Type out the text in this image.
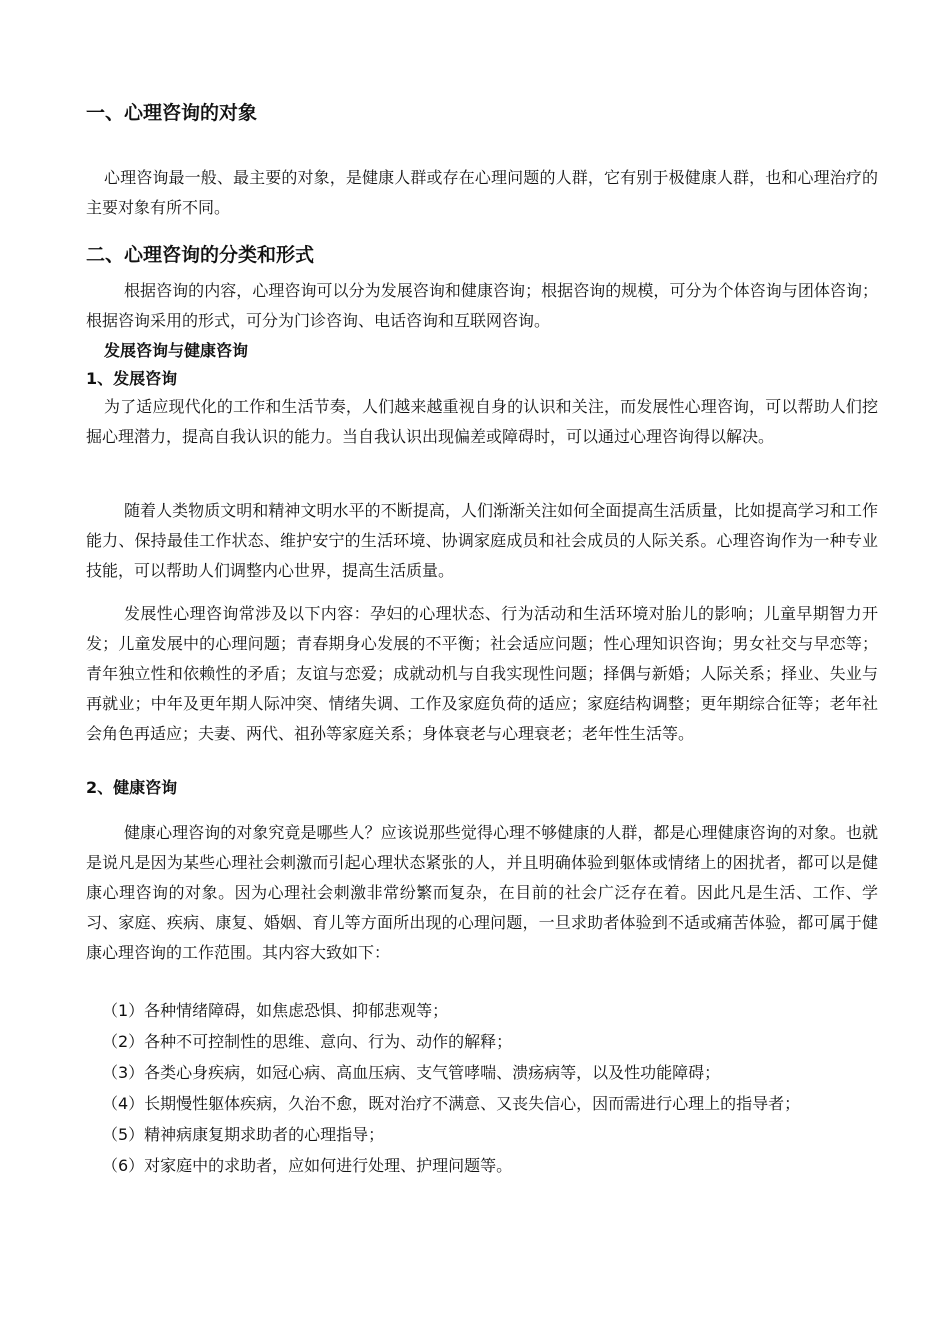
一、心理咨询的对象
心理咨询最一般、最主要的对象，是健康人群或存在心理问题的人群，它有别于极健康人群，也和心理治疗的主要对象有所不同。
二、心理咨询的分类和形式
根据咨询的内容，心理咨询可以分为发展咨询和健康咨询；根据咨询的规模，可分为个体咨询与团体咨询；根据咨询采用的形式，可分为门诊咨询、电话咨询和互联网咨询。
发展咨询与健康咨询
1、发展咨询
为了适应现代化的工作和生活节奏，人们越来越重视自身的认识和关注，而发展性心理咨询，可以帮助人们挖掘心理潜力，提高自我认识的能力。当自我认识出现偏差或障碍时，可以通过心理咨询得以解决。
随着人类物质文明和精神文明水平的不断提高，人们渐渐关注如何全面提高生活质量，比如提高学习和工作能力、保持最佳工作状态、维护安宁的生活环境、协调家庭成员和社会成员的人际关系。心理咨询作为一种专业技能，可以帮助人们调整内心世界，提高生活质量。
发展性心理咨询常涉及以下内容：孕妇的心理状态、行为活动和生活环境对胎儿的影响；儿童早期智力开发；儿童发展中的心理问题；青春期身心发展的不平衡；社会适应问题；性心理知识咨询；男女社交与早恋等；青年独立性和依赖性的矛盾；友谊与恋爱；成就动机与自我实现性问题；择偶与新婚；人际关系；择业、失业与再就业；中年及更年期人际冲突、情绪失调、工作及家庭负荷的适应；家庭结构调整；更年期综合征等；老年社会角色再适应；夫妻、两代、祖孙等家庭关系；身体衰老与心理衰老；老年性生活等。
2、健康咨询
健康心理咨询的对象究竟是哪些人？应该说那些觉得心理不够健康的人群，都是心理健康咨询的对象。也就是说凡是因为某些心理社会刺激而引起心理状态紧张的人，并且明确体验到躯体或情绪上的困扰者，都可以是健康心理咨询的对象。因为心理社会刺激非常纷繁而复杂，在目前的社会广泛存在着。因此凡是生活、工作、学习、家庭、疾病、康复、婚姻、育儿等方面所出现的心理问题，一旦求助者体验到不适或痛苦体验，都可属于健康心理咨询的工作范围。其内容大致如下：
（1）各种情绪障碍，如焦虑恐惧、抑郁悲观等；
（2）各种不可控制性的思维、意向、行为、动作的解释；
（3）各类心身疾病，如冠心病、高血压病、支气管哮喘、溃疡病等，以及性功能障碍；
（4）长期慢性躯体疾病，久治不愈，既对治疗不满意、又丧失信心，因而需进行心理上的指导者；
（5）精神病康复期求助者的心理指导；
（6）对家庭中的求助者，应如何进行处理、护理问题等。
